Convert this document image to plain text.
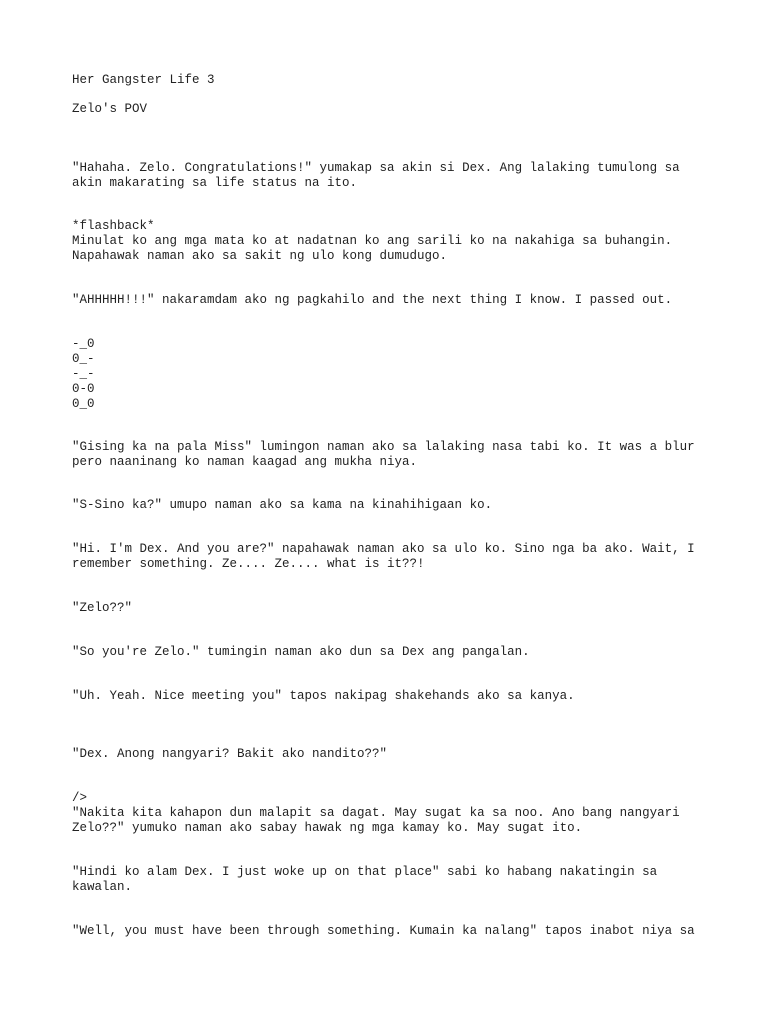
Her Gangster Life 3

Zelo's POV

"Hahaha. Zelo. Congratulations!" yumakap sa akin si Dex. Ang lalaking tumulong sa

akin makarating sa life status na ito.

*flashback*

Minulat ko ang mga mata ko at nadatnan ko ang sarili ko na nakahiga sa buhangin.

Napahawak naman ako sa sakit ng ulo kong dumudugo.

"AHHHHH!!!" nakaramdam ako ng pagkahilo and the next thing I know. I passed out.

-_0

0_-

-_-

0-0

0_0

"Gising ka na pala Miss" lumingon naman ako sa lalaking nasa tabi ko. It was a blur

pero naaninang ko naman kaagad ang mukha niya.

"S-Sino ka?" umupo naman ako sa kama na kinahihigaan ko.

"Hi. I'm Dex. And you are?" napahawak naman ako sa ulo ko. Sino nga ba ako. Wait, I

remember something. Ze.... Ze.... what is it??!

"Zelo??"

"So you're Zelo." tumingin naman ako dun sa Dex ang pangalan.

"Uh. Yeah. Nice meeting you" tapos nakipag shakehands ako sa kanya.

"Dex. Anong nangyari? Bakit ako nandito??"

/>

"Nakita kita kahapon dun malapit sa dagat. May sugat ka sa noo. Ano bang nangyari

Zelo??" yumuko naman ako sabay hawak ng mga kamay ko. May sugat ito.

"Hindi ko alam Dex. I just woke up on that place" sabi ko habang nakatingin sa

kawalan.

"Well, you must have been through something. Kumain ka nalang" tapos inabot niya sa
